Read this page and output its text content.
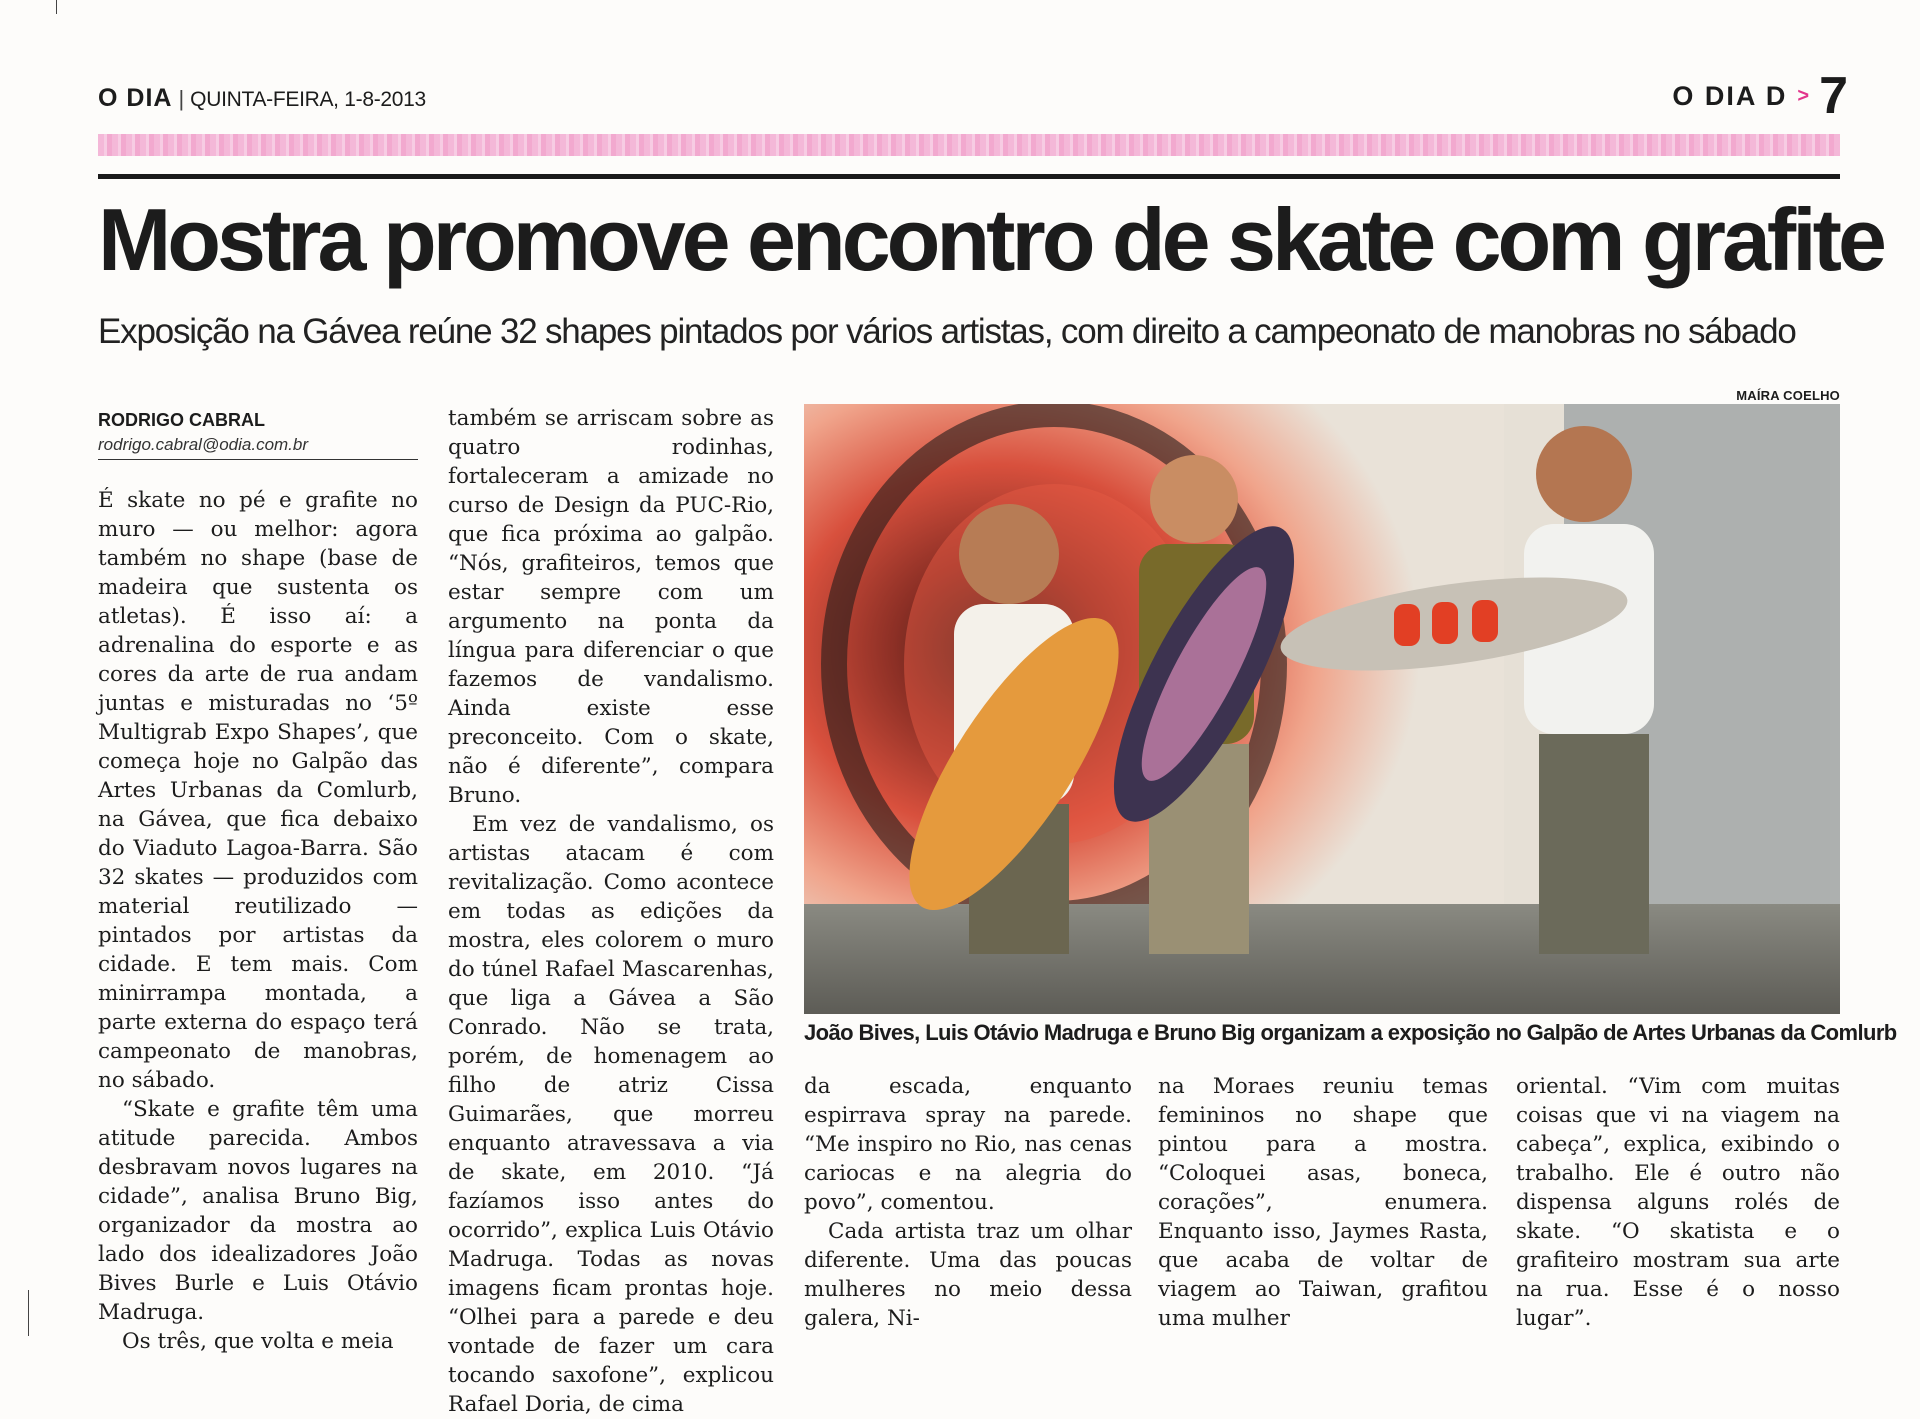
O DIA | QUINTA-FEIRA, 1-8-2013	O DIA D > 7
Mostra promove encontro de skate com grafite
Exposição na Gávea reúne 32 shapes pintados por vários artistas, com direito a campeonato de manobras no sábado
RODRIGO CABRAL
rodrigo.cabral@odia.com.br

É skate no pé e grafite no muro — ou melhor: agora também no shape (base de madeira que sustenta os atletas). É isso aí: a adrenalina do esporte e as cores da arte de rua andam juntas e misturadas no ‘5º Multigrab Expo Shapes’, que começa hoje no Galpão das Artes Urbanas da Comlurb, na Gávea, que fica debaixo do Viaduto Lagoa-Barra. São 32 skates — produzidos com material reutilizado — pintados por artistas da cidade. E tem mais. Com minirrampa montada, a parte externa do espaço terá campeonato de manobras, no sábado.

“Skate e grafite têm uma atitude parecida. Ambos desbravam novos lugares na cidade”, analisa Bruno Big, organizador da mostra ao lado dos idealizadores João Bives Burle e Luis Otávio Madruga.

Os três, que volta e meia

também se arriscam sobre as quatro rodinhas, fortaleceram a amizade no curso de Design da PUC-Rio, que fica próxima ao galpão. “Nós, grafiteiros, temos que estar sempre com um argumento na ponta da língua para diferenciar o que fazemos de vandalismo. Ainda existe esse preconceito. Com o skate, não é diferente”, compara Bruno.

Em vez de vandalismo, os artistas atacam é com revitalização. Como acontece em todas as edições da mostra, eles colorem o muro do túnel Rafael Mascarenhas, que liga a Gávea a São Conrado. Não se trata, porém, de homenagem ao filho de atriz Cissa Guimarães, que morreu enquanto atravessava a via de skate, em 2010. “Já fazíamos isso antes do ocorrido”, explica Luis Otávio Madruga. Todas as novas imagens ficam prontas hoje. “Olhei para a parede e deu vontade de fazer um cara tocando saxofone”, explicou Rafael Doria, de cima

MAÍRA COELHO
João Bives, Luis Otávio Madruga e Bruno Big organizam a exposição no Galpão de Artes Urbanas da Comlurb

da escada, enquanto espirrava spray na parede. “Me inspiro no Rio, nas cenas cariocas e na alegria do povo”, comentou.

Cada artista traz um olhar diferente. Uma das poucas mulheres no meio dessa galera, Ni-

na Moraes reuniu temas femininos no shape que pintou para a mostra. “Coloquei asas, boneca, corações”, enumera. Enquanto isso, Jaymes Rasta, que acaba de voltar de viagem ao Taiwan, grafitou uma mulher

oriental. “Vim com muitas coisas que vi na viagem na cabeça”, explica, exibindo o trabalho. Ele é outro não dispensa alguns rolés de skate. “O skatista e o grafiteiro mostram sua arte na rua. Esse é o nosso lugar”.
